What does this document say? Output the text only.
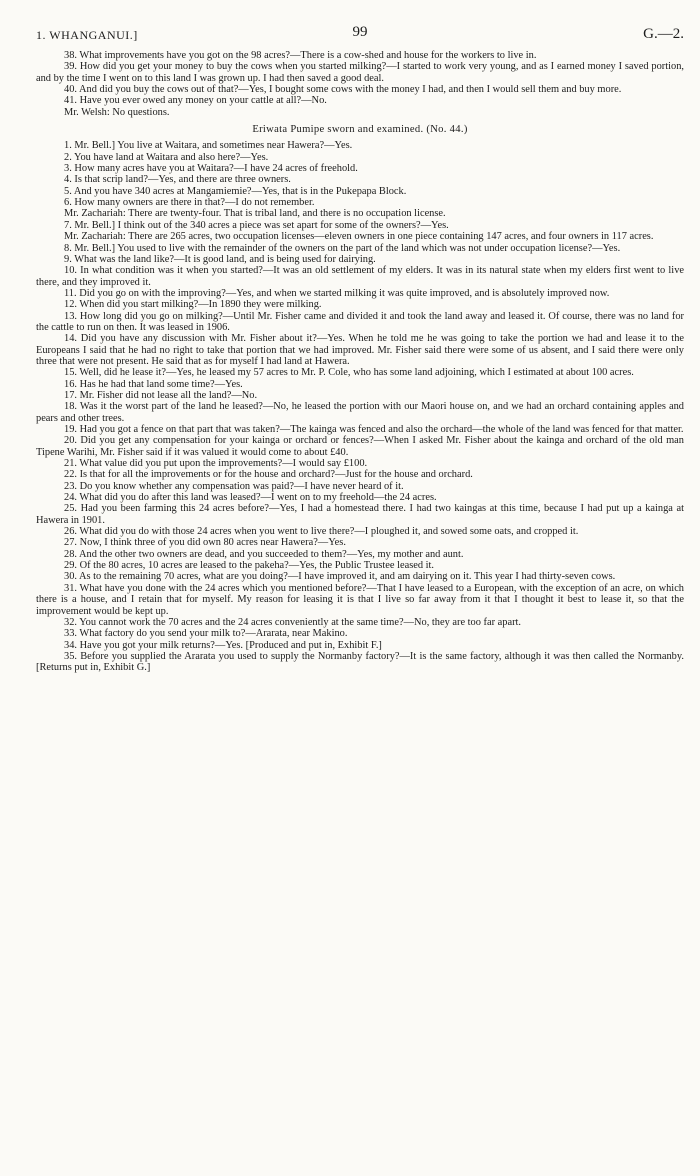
1. WHANGANUI.]	99	G.—2.

38. What improvements have you got on the 98 acres?—There is a cow-shed and house for the workers to live in.

39. How did you get your money to buy the cows when you started milking?—I started to work very young, and as I earned money I saved portion, and by the time I went on to this land I was grown up. I had then saved a good deal.

40. And did you buy the cows out of that?—Yes, I bought some cows with the money I had, and then I would sell them and buy more.

41. Have you ever owed any money on your cattle at all?—No.

Mr. Welsh: No questions.

Eriwata Pumipe sworn and examined. (No. 44.)

1. Mr. Bell.] You live at Waitara, and sometimes near Hawera?—Yes.

2. You have land at Waitara and also here?—Yes.

3. How many acres have you at Waitara?—I have 24 acres of freehold.

4. Is that scrip land?—Yes, and there are three owners.

5. And you have 340 acres at Mangamiemie?—Yes, that is in the Pukepapa Block.

6. How many owners are there in that?—I do not remember.

Mr. Zachariah: There are twenty-four. That is tribal land, and there is no occupation license.

7. Mr. Bell.] I think out of the 340 acres a piece was set apart for some of the owners?—Yes.

Mr. Zachariah: There are 265 acres, two occupation licenses—eleven owners in one piece containing 147 acres, and four owners in 117 acres.

8. Mr. Bell.] You used to live with the remainder of the owners on the part of the land which was not under occupation license?—Yes.

9. What was the land like?—It is good land, and is being used for dairying.

10. In what condition was it when you started?—It was an old settlement of my elders. It was in its natural state when my elders first went to live there, and they improved it.

11. Did you go on with the improving?—Yes, and when we started milking it was quite improved, and is absolutely improved now.

12. When did you start milking?—In 1890 they were milking.

13. How long did you go on milking?—Until Mr. Fisher came and divided it and took the land away and leased it. Of course, there was no land for the cattle to run on then. It was leased in 1906.

14. Did you have any discussion with Mr. Fisher about it?—Yes. When he told me he was going to take the portion we had and lease it to the Europeans I said that he had no right to take that portion that we had improved. Mr. Fisher said there were some of us absent, and I said there were only three that were not present. He said that as for myself I had land at Hawera.

15. Well, did he lease it?—Yes, he leased my 57 acres to Mr. P. Cole, who has some land adjoining, which I estimated at about 100 acres.

16. Has he had that land some time?—Yes.

17. Mr. Fisher did not lease all the land?—No.

18. Was it the worst part of the land he leased?—No, he leased the portion with our Maori house on, and we had an orchard containing apples and pears and other trees.

19. Had you got a fence on that part that was taken?—The kainga was fenced and also the orchard—the whole of the land was fenced for that matter.

20. Did you get any compensation for your kainga or orchard or fences?—When I asked Mr. Fisher about the kainga and orchard of the old man Tipene Warihi, Mr. Fisher said if it was valued it would come to about £40.

21. What value did you put upon the improvements?—I would say £100.

22. Is that for all the improvements or for the house and orchard?—Just for the house and orchard.

23. Do you know whether any compensation was paid?—I have never heard of it.

24. What did you do after this land was leased?—I went on to my freehold—the 24 acres.

25. Had you been farming this 24 acres before?—Yes, I had a homestead there. I had two kaingas at this time, because I had put up a kainga at Hawera in 1901.

26. What did you do with those 24 acres when you went to live there?—I ploughed it, and sowed some oats, and cropped it.

27. Now, I think three of you did own 80 acres near Hawera?—Yes.

28. And the other two owners are dead, and you succeeded to them?—Yes, my mother and aunt.

29. Of the 80 acres, 10 acres are leased to the pakeha?—Yes, the Public Trustee leased it.

30. As to the remaining 70 acres, what are you doing?—I have improved it, and am dairying on it. This year I had thirty-seven cows.

31. What have you done with the 24 acres which you mentioned before?—That I have leased to a European, with the exception of an acre, on which there is a house, and I retain that for myself. My reason for leasing it is that I live so far away from it that I thought it best to lease it, so that the improvement would be kept up.

32. You cannot work the 70 acres and the 24 acres conveniently at the same time?—No, they are too far apart.

33. What factory do you send your milk to?—Ararata, near Makino.

34. Have you got your milk returns?—Yes. [Produced and put in, Exhibit F.]

35. Before you supplied the Ararata you used to supply the Normanby factory?—It is the same factory, although it was then called the Normanby. [Returns put in, Exhibit G.]
